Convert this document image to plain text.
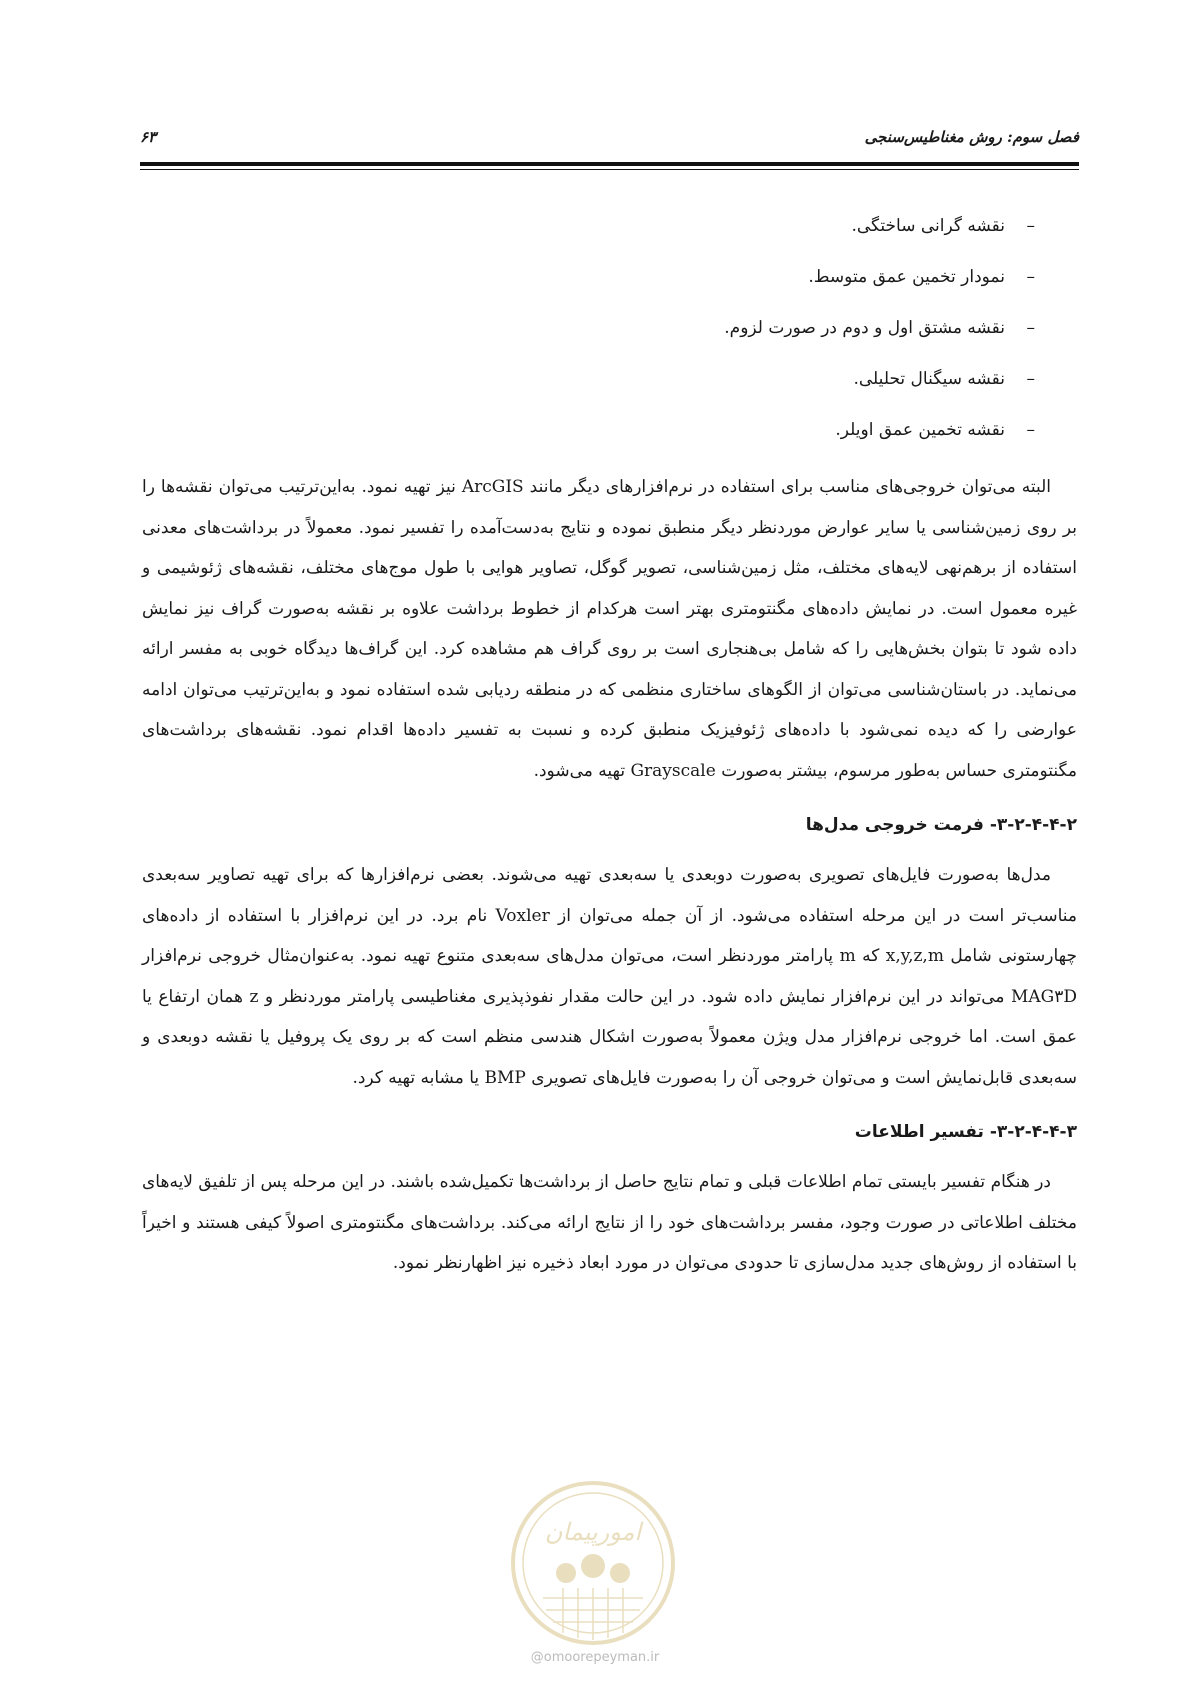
فصل سوم: روش مغناطیس‌سنجی
۶۳
–نقشه گرانی ساختگی.
–نمودار تخمین عمق متوسط.
–نقشه مشتق اول و دوم در صورت لزوم.
–نقشه سیگنال تحلیلی.
–نقشه تخمین عمق اویلر.

البته می‌توان خروجی‌های مناسب برای استفاده در نرم‌افزارهای دیگر مانند ArcGIS نیز تهیه نمود. به‌این‌ترتیب می‌توان نقشه‌ها را بر روی زمین‌شناسی یا سایر عوارض موردنظر دیگر منطبق نموده و نتایج به‌دست‌آمده را تفسیر نمود. معمولاً در برداشت‌های معدنی استفاده از برهم‌نهی لایه‌های مختلف، مثل زمین‌شناسی، تصویر گوگل، تصاویر هوایی با طول موج‌های مختلف، نقشه‌های ژئوشیمی و غیره معمول است. در نمایش داده‌های مگنتومتری بهتر است هرکدام از خطوط برداشت علاوه بر نقشه به‌صورت گراف نیز نمایش داده شود تا بتوان بخش‌هایی را که شامل بی‌هنجاری است بر روی گراف هم مشاهده کرد. این گراف‌ها دیدگاه خوبی به مفسر ارائه می‌نماید. در باستان‌شناسی می‌توان از الگوهای ساختاری منظمی که در منطقه ردیابی شده استفاده نمود و به‌این‌ترتیب می‌توان ادامه عوارضی را که دیده نمی‌شود با داده‌های ژئوفیزیک منطبق کرده و نسبت به تفسیر داده‌ها اقدام نمود. نقشه‌های برداشت‌های مگنتومتری حساس به‌طور مرسوم، بیشتر به‌صورت Grayscale تهیه می‌شود.

۳-۲-۴-۴-۲- فرمت خروجی مدل‌ها

مدل‌ها به‌صورت فایل‌های تصویری به‌صورت دوبعدی یا سه‌بعدی تهیه می‌شوند. بعضی نرم‌افزارها که برای تهیه تصاویر سه‌بعدی مناسب‌تر است در این مرحله استفاده می‌شود. از آن جمله می‌توان از Voxler نام برد. در این نرم‌افزار با استفاده از داده‌های چهارستونی شامل x,y,z,m که m پارامتر موردنظر است، می‌توان مدل‌های سه‌بعدی متنوع تهیه نمود. به‌عنوان‌مثال خروجی نرم‌افزار MAG۳D می‌تواند در این نرم‌افزار نمایش داده شود. در این حالت مقدار نفوذپذیری مغناطیسی پارامتر موردنظر و z همان ارتفاع یا عمق است. اما خروجی نرم‌افزار مدل ویژن معمولاً به‌صورت اشکال هندسی منظم است که بر روی یک پروفیل یا نقشه دوبعدی و سه‌بعدی قابل‌نمایش است و می‌توان خروجی آن را به‌صورت فایل‌های تصویری BMP یا مشابه تهیه کرد.

۳-۲-۴-۴-۳- تفسیر اطلاعات

در هنگام تفسیر بایستی تمام اطلاعات قبلی و تمام نتایج حاصل از برداشت‌ها تکمیل‌شده باشند. در این مرحله پس از تلفیق لایه‌های مختلف اطلاعاتی در صورت وجود، مفسر برداشت‌های خود را از نتایج ارائه می‌کند. برداشت‌های مگنتومتری اصولاً کیفی هستند و اخیراً با استفاده از روش‌های جدید مدل‌سازی تا حدودی می‌توان در مورد ابعاد ذخیره نیز اظهارنظر نمود.

امورپیمان
@omoorepeyman.ir
